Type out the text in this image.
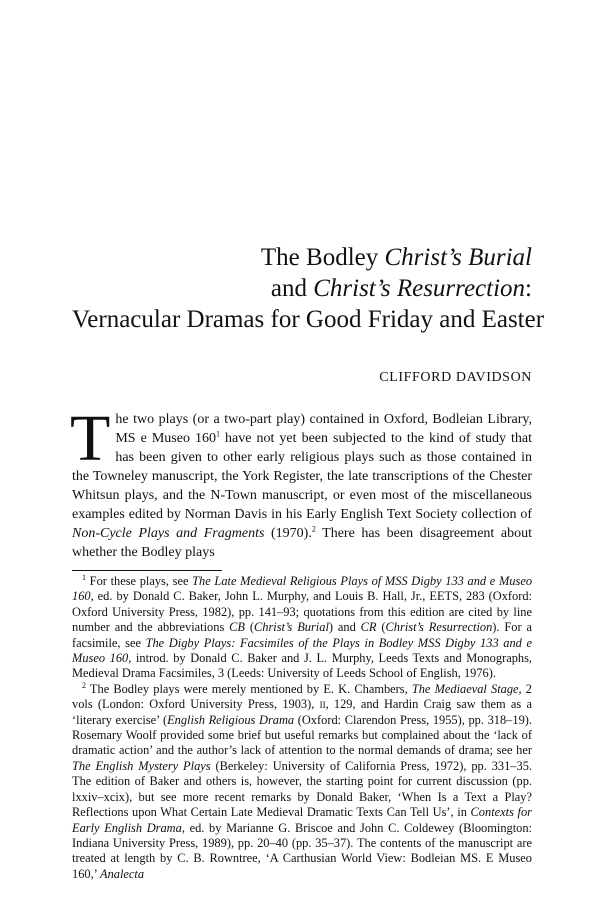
The Bodley Christ’s Burial
and Christ’s Resurrection:
Vernacular Dramas for Good Friday and Easter
CLIFFORD DAVIDSON

The two plays (or a two-part play) contained in Oxford, Bodleian Library, MS e Museo $160^1$ have not yet been subjected to the kind of study that has been given to other early religious plays such as those contained in the Towneley manuscript, the York Register, the late transcriptions of the Chester Whitsun plays, and the N-Town manuscript, or even most of the miscellaneous examples edited by Norman Davis in his Early English Text Society collection of Non-Cycle Plays and Fragments (1970).$^2$ There has been disagreement about whether the Bodley plays

$^1$ For these plays, see The Late Medieval Religious Plays of MSS Digby 133 and e Museo 160, ed. by Donald C. Baker, John L. Murphy, and Louis B. Hall, Jr., EETS, 283 (Oxford: Oxford University Press, 1982), pp. 141–93; quotations from this edition are cited by line number and the abbreviations CB (Christ’s Burial) and CR (Christ’s Resurrection). For a facsimile, see The Digby Plays: Facsimiles of the Plays in Bodley MSS Digby 133 and e Museo 160, introd. by Donald C. Baker and J. L. Murphy, Leeds Texts and Monographs, Medieval Drama Facsimiles, 3 (Leeds: University of Leeds School of English, 1976).

$^2$ The Bodley plays were merely mentioned by E. K. Chambers, The Mediaeval Stage, 2 vols (London: Oxford University Press, 1903), ii, 129, and Hardin Craig saw them as a ‘literary exercise’ (English Religious Drama (Oxford: Clarendon Press, 1955), pp. 318–19). Rosemary Woolf provided some brief but useful remarks but complained about the ‘lack of dramatic action’ and the author’s lack of attention to the normal demands of drama; see her The English Mystery Plays (Berkeley: University of California Press, 1972), pp. 331–35. The edition of Baker and others is, however, the starting point for current discussion (pp. lxxiv–xcix), but see more recent remarks by Donald Baker, ‘When Is a Text a Play? Reflections upon What Certain Late Medieval Dramatic Texts Can Tell Us’, in Contexts for Early English Drama, ed. by Marianne G. Briscoe and John C. Coldewey (Bloomington: Indiana University Press, 1989), pp. 20–40 (pp. 35–37). The contents of the manuscript are treated at length by C. B. Rowntree, ‘A Carthusian World View: Bodleian MS. E Museo 160,’ Analecta
